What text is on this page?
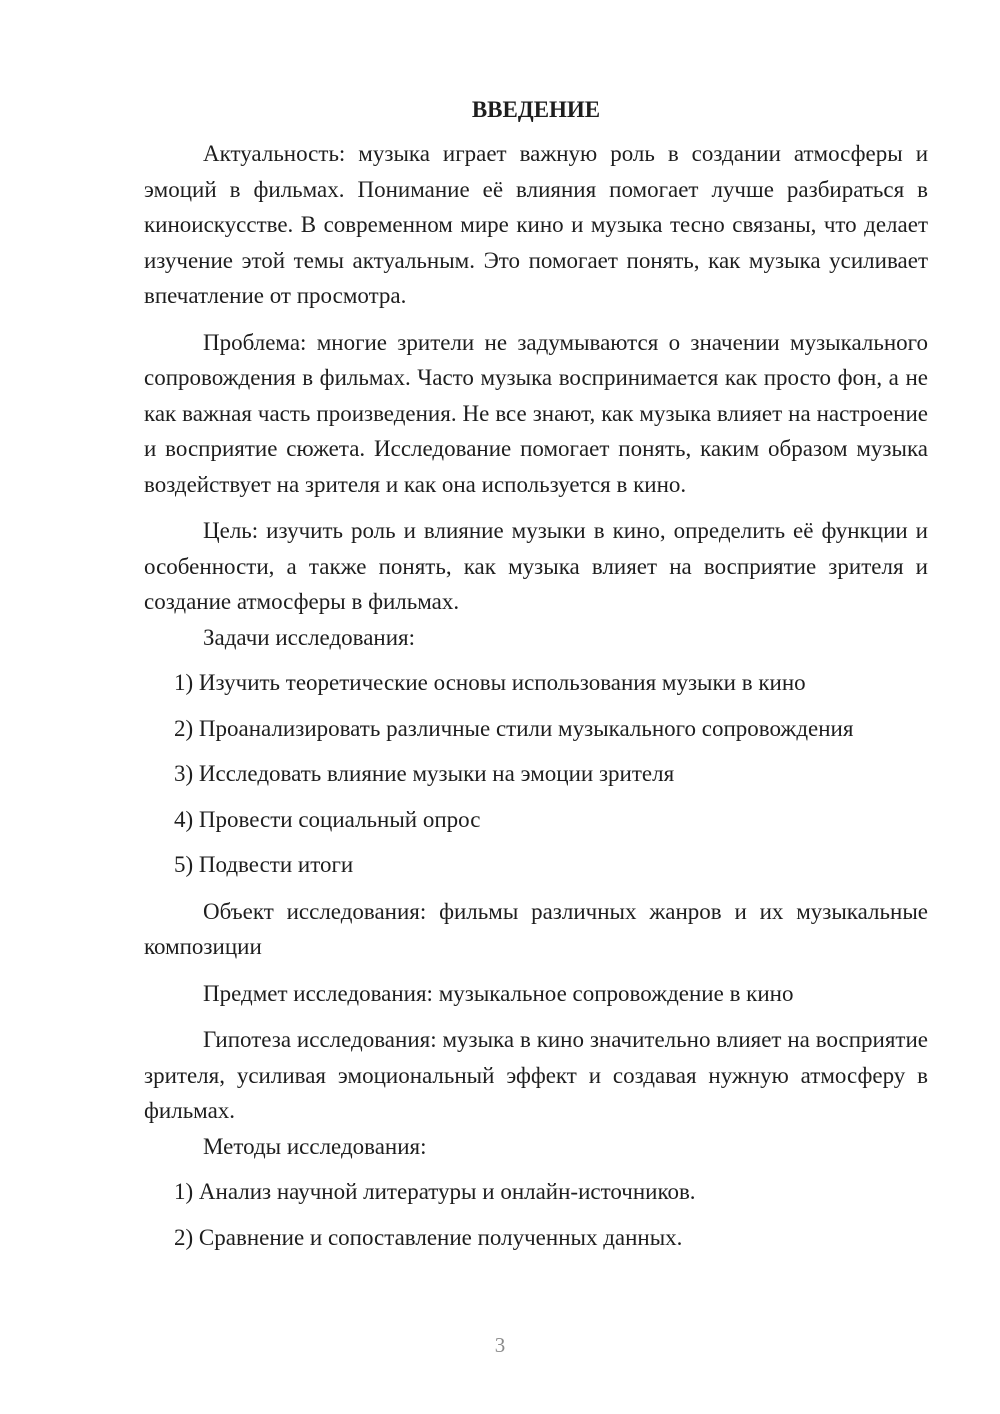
ВВЕДЕНИЕ

Актуальность: музыка играет важную роль в создании атмосферы и эмоций в фильмах. Понимание её влияния помогает лучше разбираться в киноискусстве. В современном мире кино и музыка тесно связаны, что делает изучение этой темы актуальным. Это помогает понять, как музыка усиливает впечатление от просмотра.

Проблема: многие зрители не задумываются о значении музыкального сопровождения в фильмах. Часто музыка воспринимается как просто фон, а не как важная часть произведения. Не все знают, как музыка влияет на настроение и восприятие сюжета. Исследование помогает понять, каким образом музыка воздействует на зрителя и как она используется в кино.

Цель: изучить роль и влияние музыки в кино, определить её функции и особенности, а также понять, как музыка влияет на восприятие зрителя и создание атмосферы в фильмах.

Задачи исследования:

1) Изучить теоретические основы использования музыки в кино

2) Проанализировать различные стили музыкального сопровождения

3) Исследовать влияние музыки на эмоции зрителя

4) Провести социальный опрос

5) Подвести итоги

Объект исследования: фильмы различных жанров и их музыкальные композиции

Предмет исследования: музыкальное сопровождение в кино

Гипотеза исследования: музыка в кино значительно влияет на восприятие зрителя, усиливая эмоциональный эффект и создавая нужную атмосферу в фильмах.

Методы исследования:

1) Анализ научной литературы и онлайн-источников.

2) Сравнение и сопоставление полученных данных.

3
